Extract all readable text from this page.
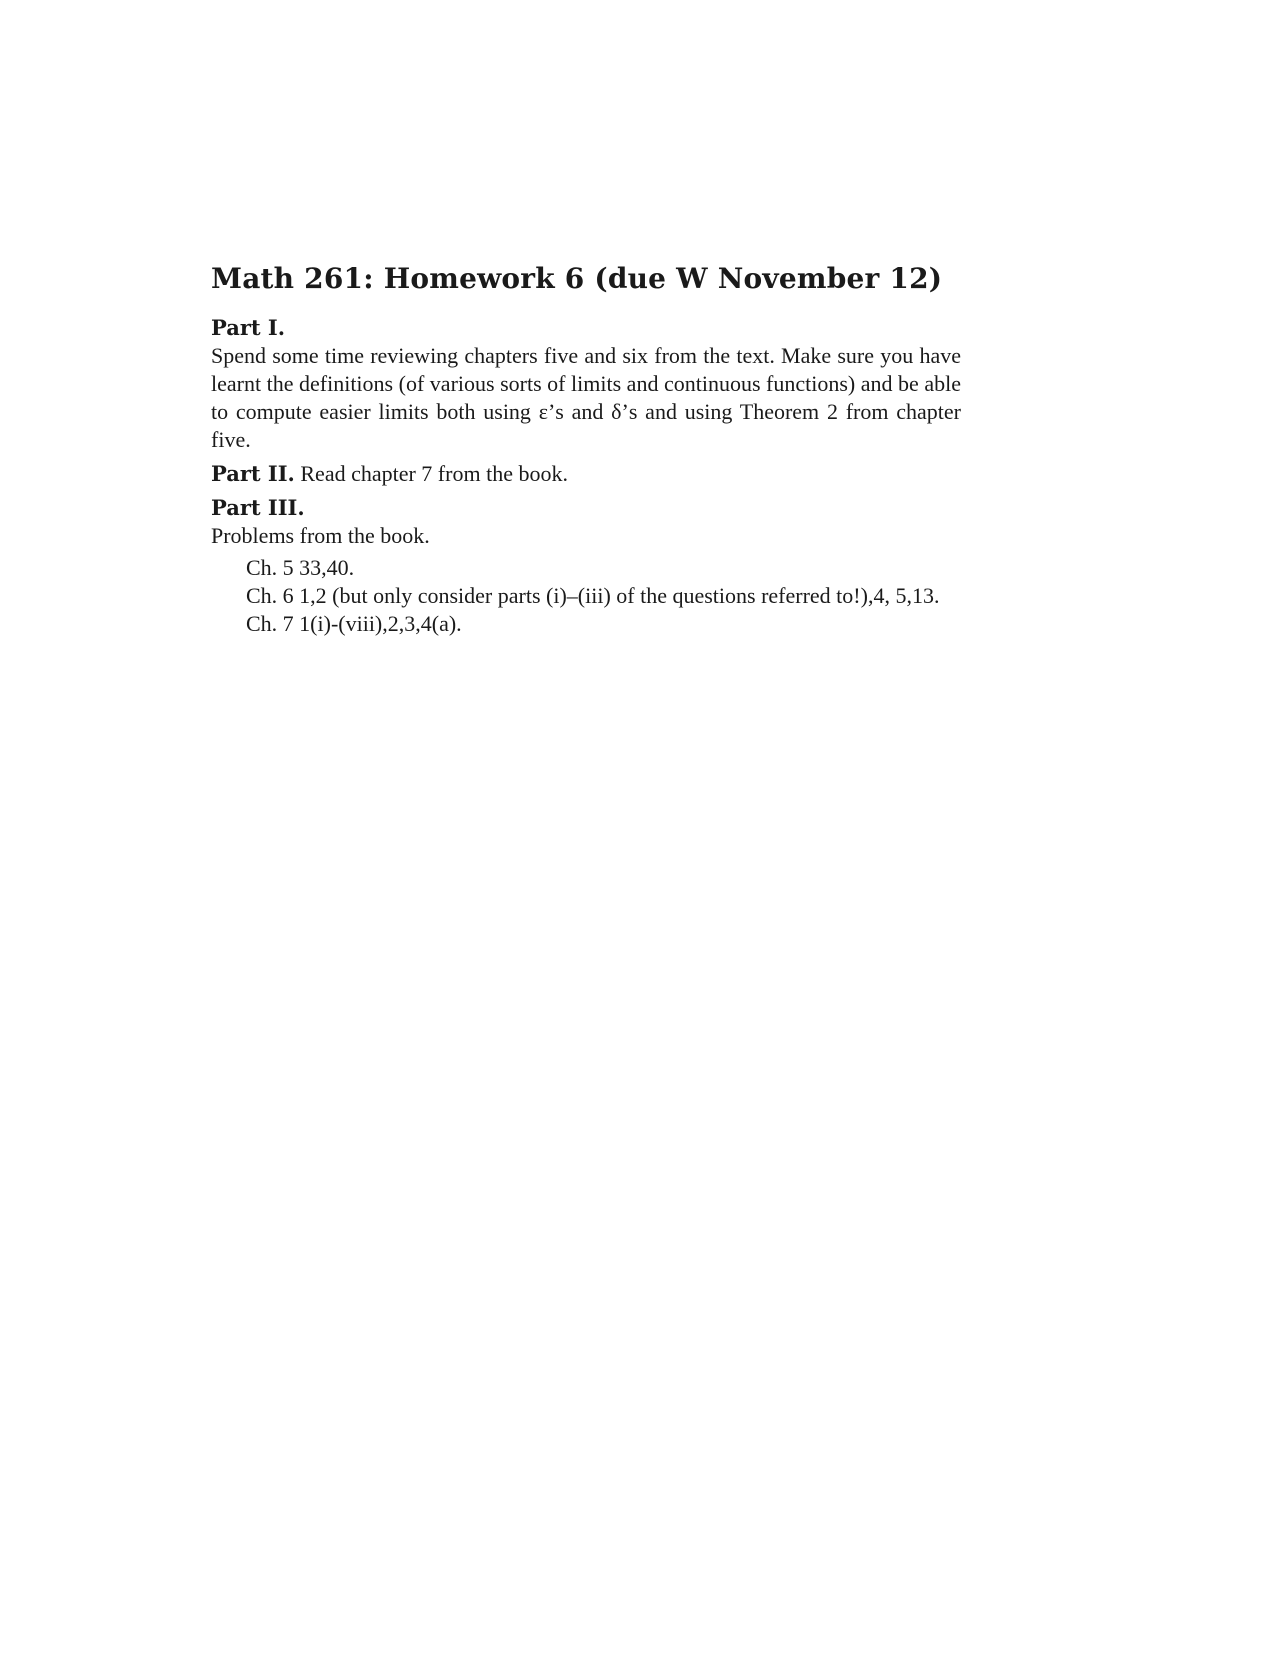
Math 261: Homework 6 (due W November 12)
Part I.

Spend some time reviewing chapters five and six from the text. Make sure you have learnt the definitions (of various sorts of limits and continuous functions) and be able to compute easier limits both using ε’s and δ’s and using Theorem 2 from chapter five.

Part II. Read chapter 7 from the book.

Part III.

Problems from the book.

Ch. 5 33,40.

Ch. 6 1,2 (but only consider parts (i)–(iii) of the questions referred to!),4, 5,13.

Ch. 7 1(i)-(viii),2,3,4(a).
